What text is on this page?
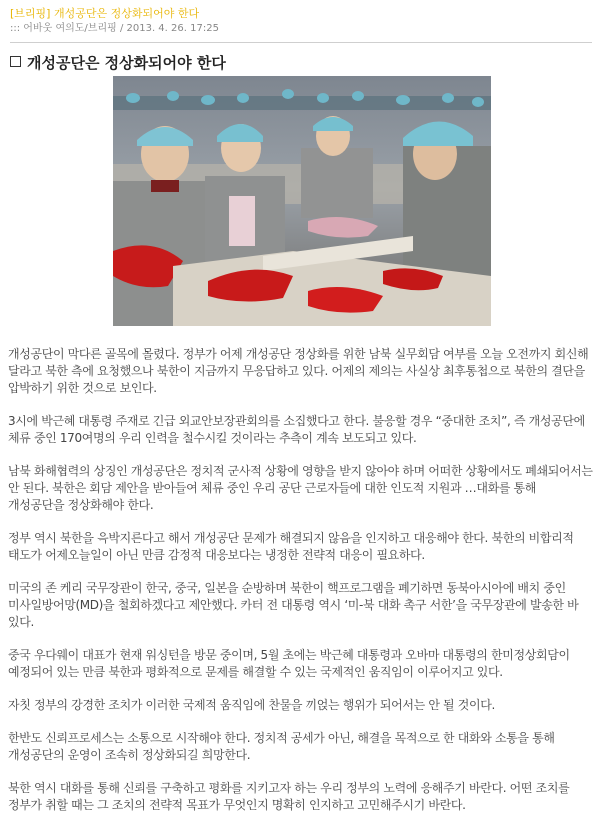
[브리핑] 개성공단은 정상화되어야 한다
::: 어바웃 여의도/브리핑 / 2013. 4. 26. 17:25
개성공단은 정상화되어야 한다

개성공단이 막다른 골목에 몰렸다. 정부가 어제 개성공단 정상화를 위한 남북 실무회담 여부를 오늘 오전까지 회신해 달라고 북한 측에 요청했으나 북한이 지금까지 무응답하고 있다. 어제의 제의는 사실상 최후통첩으로 북한의 결단을 압박하기 위한 것으로 보인다.

3시에 박근혜 대통령 주재로 긴급 외교안보장관회의를 소집했다고 한다. 불응할 경우 “중대한 조치”, 즉 개성공단에 체류 중인 170여명의 우리 인력을 철수시킬 것이라는 추측이 계속 보도되고 있다.

남북 화해협력의 상징인 개성공단은 정치적 군사적 상황에 영향을 받지 않아야 하며 어떠한 상황에서도 폐쇄되어서는 안 된다. 북한은 회담 제안을 받아들여 체류 중인 우리 공단 근로자들에 대한 인도적 지원과 …대화를 통해 개성공단을 정상화해야 한다.

정부 역시 북한을 윽박지른다고 해서 개성공단 문제가 해결되지 않음을 인지하고 대응해야 한다. 북한의 비합리적 태도가 어제오늘일이 아닌 만큼 감정적 대응보다는 냉정한 전략적 대응이 필요하다.

미국의 존 케리 국무장관이 한국, 중국, 일본을 순방하며 북한이 핵프로그램을 폐기하면 동북아시아에 배치 중인 미사일방어망(MD)을 철회하겠다고 제안했다. 카터 전 대통령 역시 ‘미-북 대화 촉구 서한’을 국무장관에 발송한 바 있다.

중국 우다웨이 대표가 현재 워싱턴을 방문 중이며, 5월 초에는 박근혜 대통령과 오바마 대통령의 한미정상회담이 예정되어 있는 만큼 북한과 평화적으로 문제를 해결할 수 있는 국제적인 움직임이 이루어지고 있다.

자칫 정부의 강경한 조치가 이러한 국제적 움직임에 찬물을 끼얹는 행위가 되어서는 안 될 것이다.

한반도 신뢰프로세스는 소통으로 시작해야 한다. 정치적 공세가 아닌, 해결을 목적으로 한 대화와 소통을 통해 개성공단의 운영이 조속히 정상화되길 희망한다.

북한 역시 대화를 통해 신뢰를 구축하고 평화를 지키고자 하는 우리 정부의 노력에 응해주기 바란다. 어떤 조치를 정부가 취할 때는 그 조치의 전략적 목표가 무엇인지 명확히 인지하고 고민해주시기 바란다.
